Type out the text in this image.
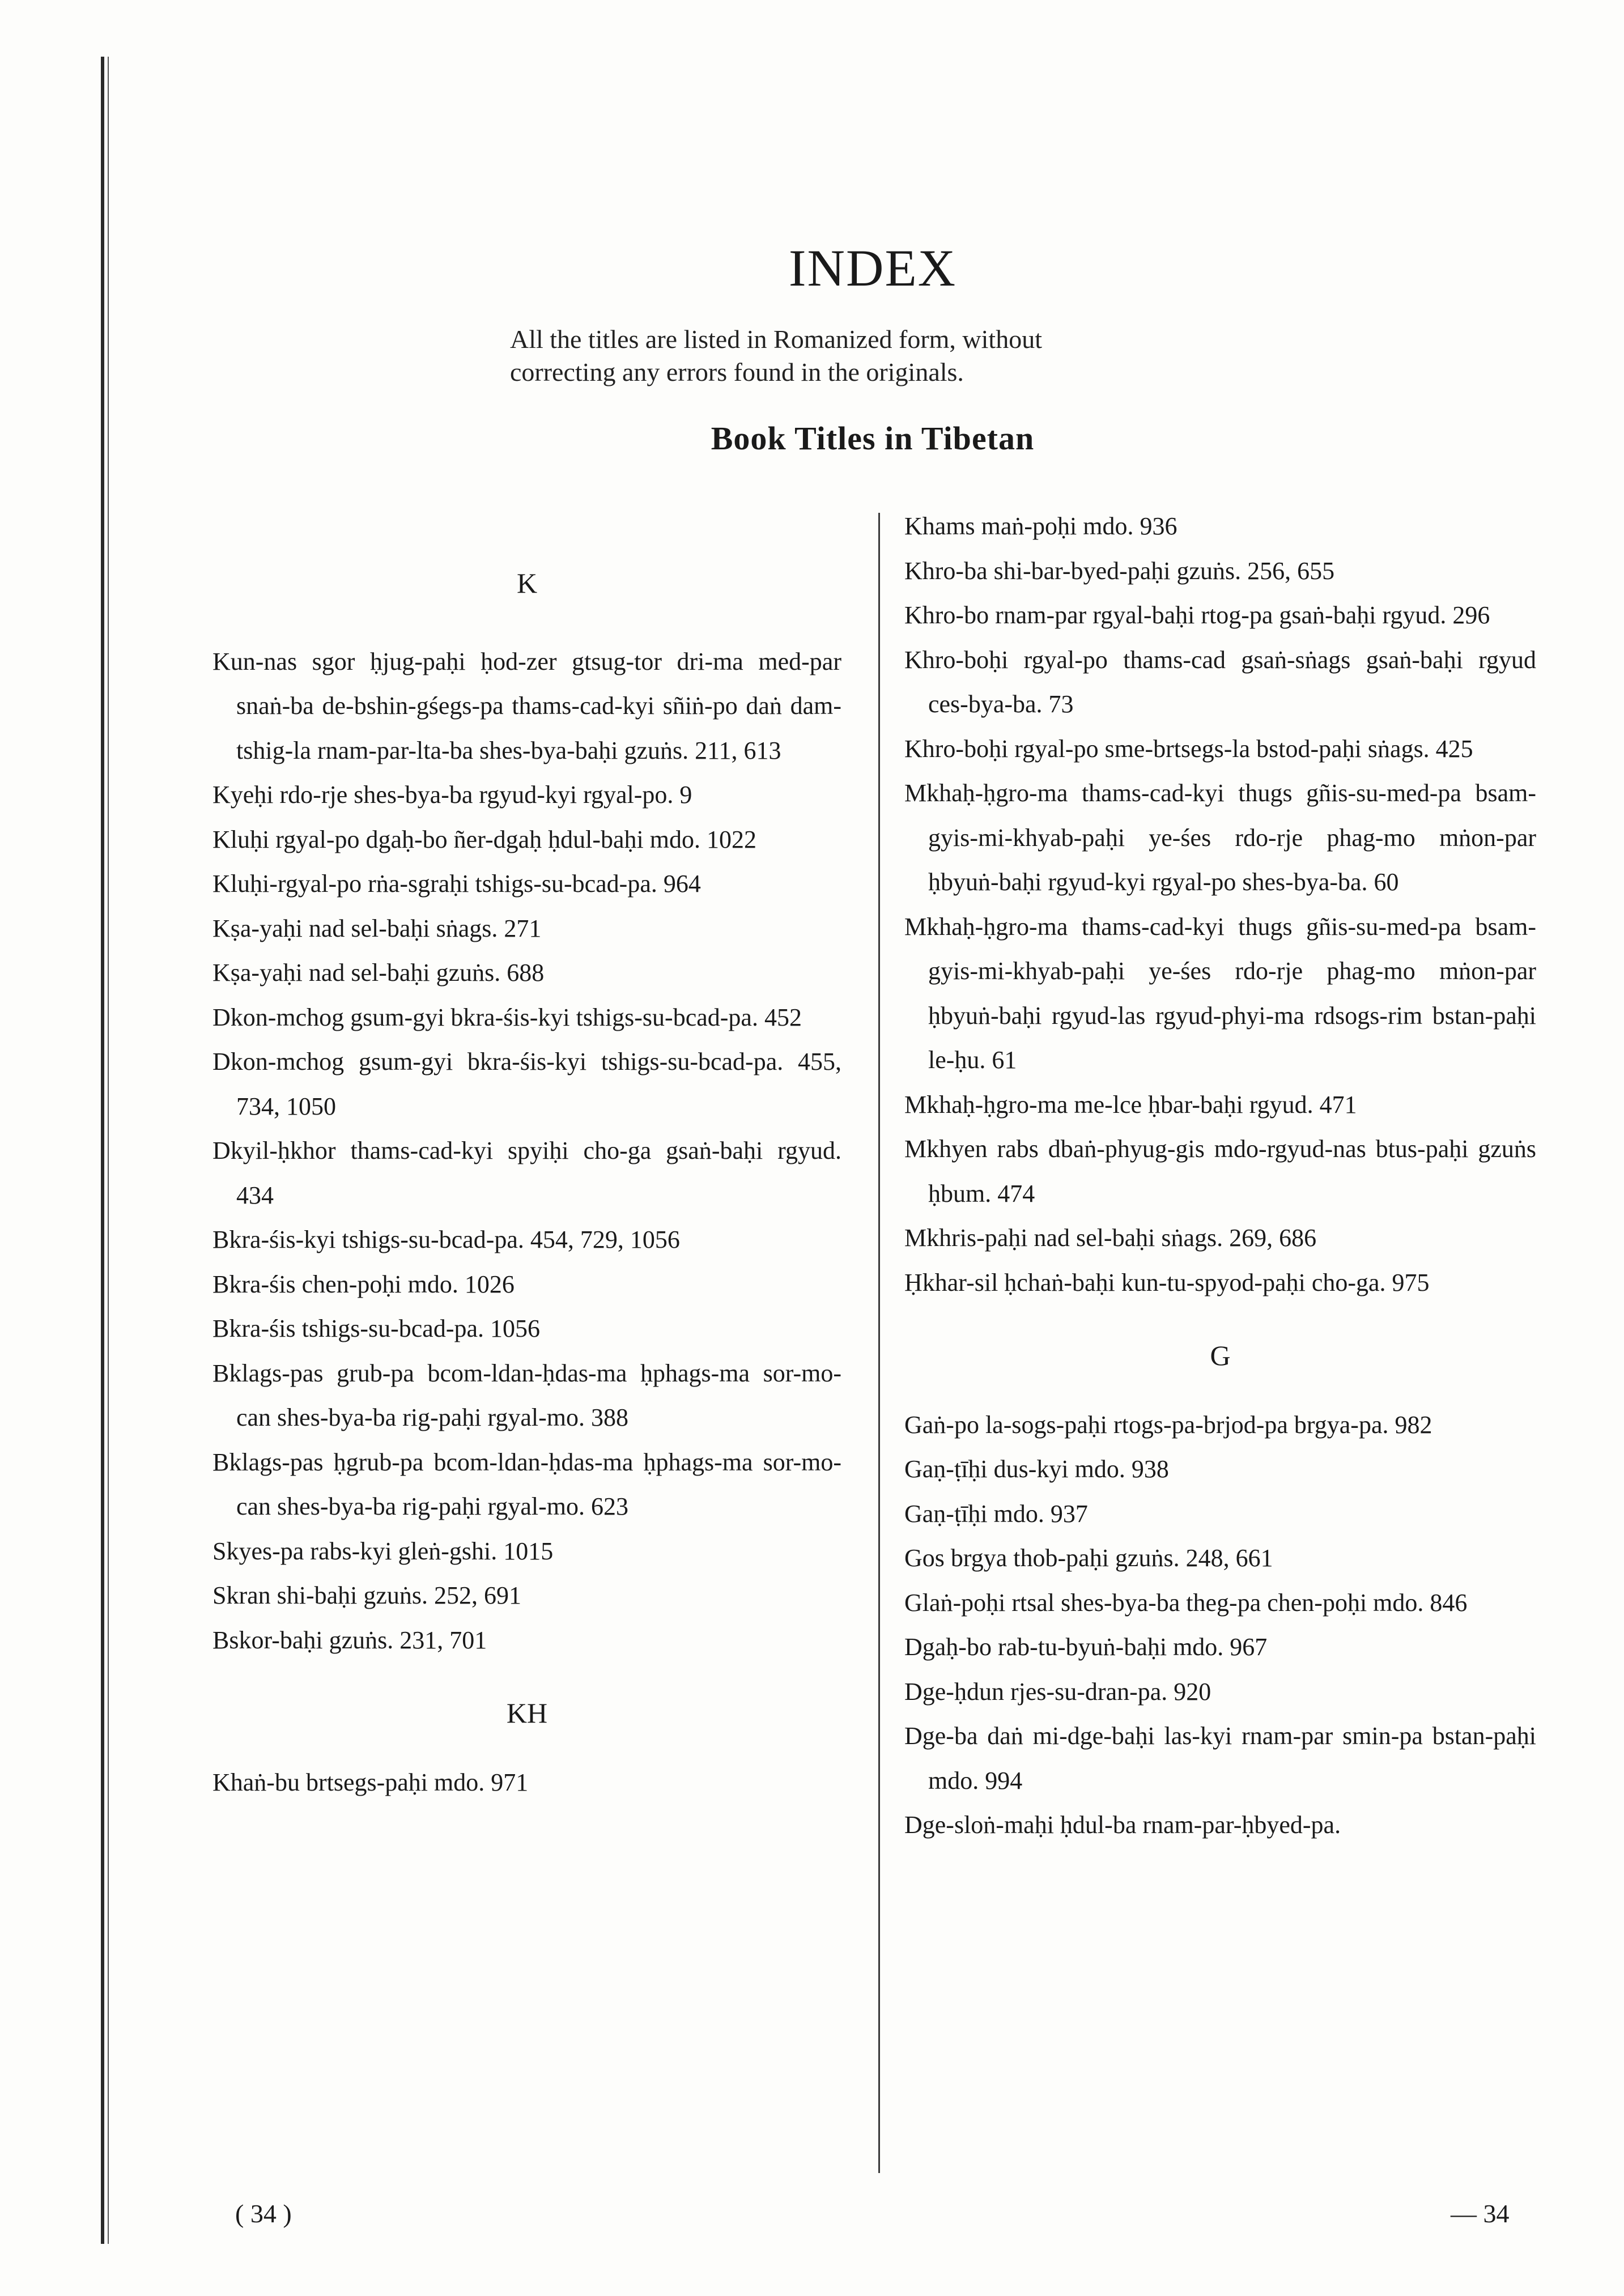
INDEX
All the titles are listed in Romanized form, without
correcting any errors found in the originals.
Book Titles in Tibetan

K

Kun-nas sgor ḥjug-paḥi ḥod-zer gtsug-tor dri-ma med-par snaṅ-ba de-bshin-gśegs-pa thams-cad-kyi sñiṅ-po daṅ dam-tshig-la rnam-par-lta-ba shes-bya-baḥi gzuṅs. 211, 613

Kyeḥi rdo-rje shes-bya-ba rgyud-kyi rgyal-po. 9

Kluḥi rgyal-po dgaḥ-bo ñer-dgaḥ ḥdul-baḥi mdo. 1022

Kluḥi-rgyal-po rṅa-sgraḥi tshigs-su-bcad-pa. 964

Kṣa-yaḥi nad sel-baḥi sṅags. 271

Kṣa-yaḥi nad sel-baḥi gzuṅs. 688

Dkon-mchog gsum-gyi bkra-śis-kyi tshigs-su-bcad-pa. 452

Dkon-mchog gsum-gyi bkra-śis-kyi tshigs-su-bcad-pa. 455, 734, 1050

Dkyil-ḥkhor thams-cad-kyi spyiḥi cho-ga gsaṅ-baḥi rgyud. 434

Bkra-śis-kyi tshigs-su-bcad-pa. 454, 729, 1056

Bkra-śis chen-poḥi mdo. 1026

Bkra-śis tshigs-su-bcad-pa. 1056

Bklags-pas grub-pa bcom-ldan-ḥdas-ma ḥphags-ma sor-mo-can shes-bya-ba rig-paḥi rgyal-mo. 388

Bklags-pas ḥgrub-pa bcom-ldan-ḥdas-ma ḥphags-ma sor-mo-can shes-bya-ba rig-paḥi rgyal-mo. 623

Skyes-pa rabs-kyi gleṅ-gshi. 1015

Skran shi-baḥi gzuṅs. 252, 691

Bskor-baḥi gzuṅs. 231, 701

KH

Khaṅ-bu brtsegs-paḥi mdo. 971

Khams maṅ-poḥi mdo. 936

Khro-ba shi-bar-byed-paḥi gzuṅs. 256, 655

Khro-bo rnam-par rgyal-baḥi rtog-pa gsaṅ-baḥi rgyud. 296

Khro-boḥi rgyal-po thams-cad gsaṅ-sṅags gsaṅ-baḥi rgyud ces-bya-ba. 73

Khro-boḥi rgyal-po sme-brtsegs-la bstod-paḥi sṅags. 425

Mkhaḥ-ḥgro-ma thams-cad-kyi thugs gñis-su-med-pa bsam-gyis-mi-khyab-paḥi ye-śes rdo-rje phag-mo mṅon-par ḥbyuṅ-baḥi rgyud-kyi rgyal-po shes-bya-ba. 60

Mkhaḥ-ḥgro-ma thams-cad-kyi thugs gñis-su-med-pa bsam-gyis-mi-khyab-paḥi ye-śes rdo-rje phag-mo mṅon-par ḥbyuṅ-baḥi rgyud-las rgyud-phyi-ma rdsogs-rim bstan-paḥi le-ḥu. 61

Mkhaḥ-ḥgro-ma me-lce ḥbar-baḥi rgyud. 471

Mkhyen rabs dbaṅ-phyug-gis mdo-rgyud-nas btus-paḥi gzuṅs ḥbum. 474

Mkhris-paḥi nad sel-baḥi sṅags. 269, 686

Ḥkhar-sil ḥchaṅ-baḥi kun-tu-spyod-paḥi cho-ga. 975

G

Gaṅ-po la-sogs-paḥi rtogs-pa-brjod-pa brgya-pa. 982

Gaṇ-ṭīḥi dus-kyi mdo. 938

Gaṇ-ṭīḥi mdo. 937

Gos brgya thob-paḥi gzuṅs. 248, 661

Glaṅ-poḥi rtsal shes-bya-ba theg-pa chen-poḥi mdo. 846

Dgaḥ-bo rab-tu-byuṅ-baḥi mdo. 967

Dge-ḥdun rjes-su-dran-pa. 920

Dge-ba daṅ mi-dge-baḥi las-kyi rnam-par smin-pa bstan-paḥi mdo. 994

Dge-sloṅ-maḥi ḥdul-ba rnam-par-ḥbyed-pa.

( 34 )	— 34
